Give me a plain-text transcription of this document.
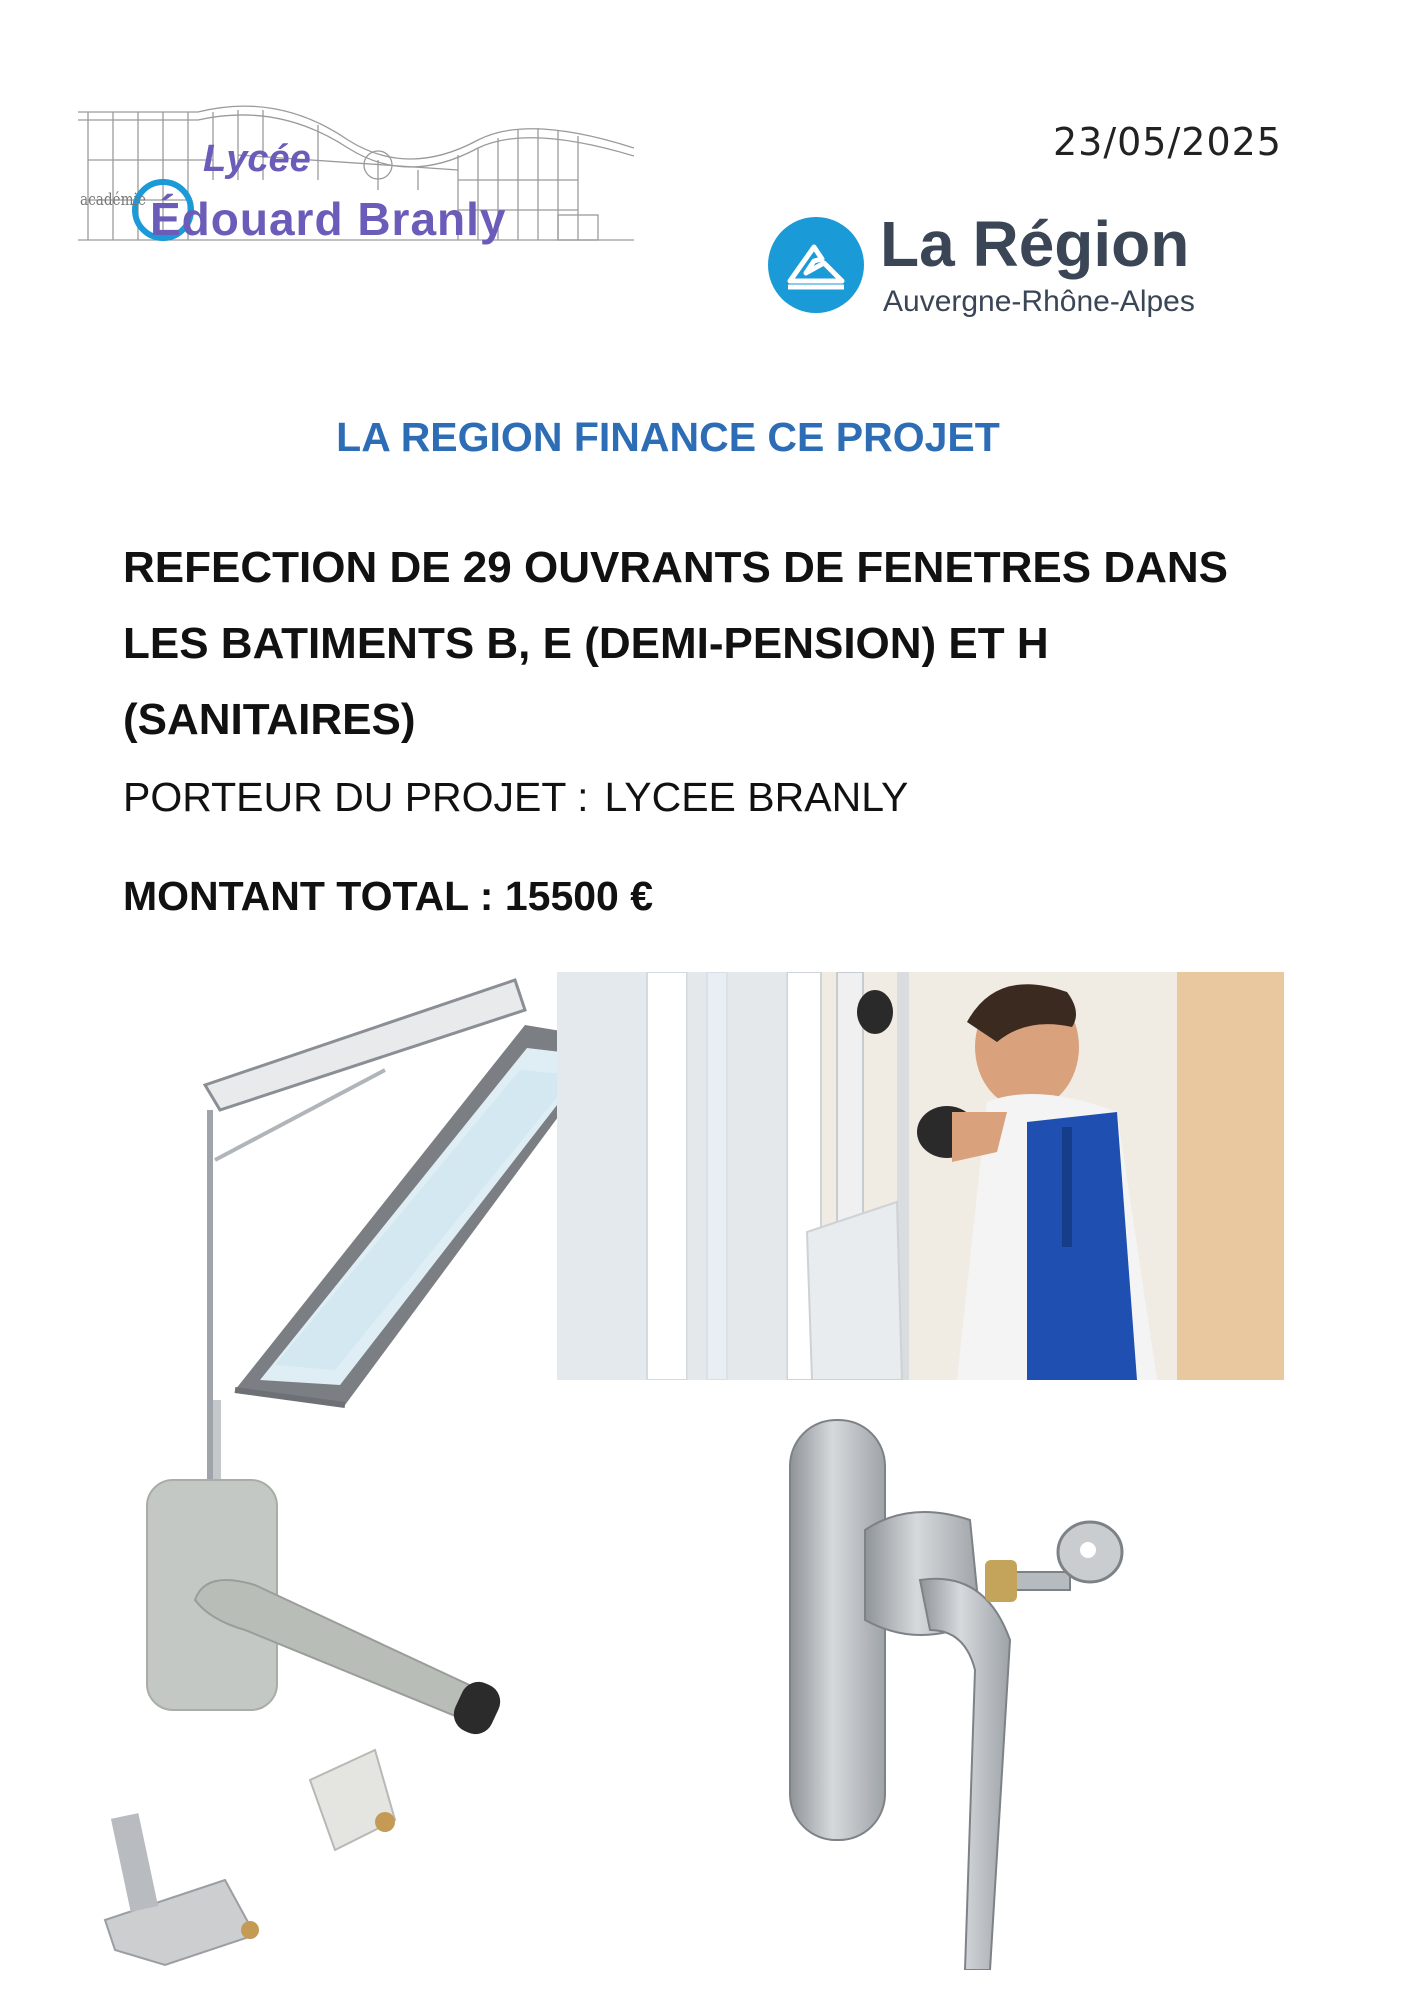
académie
Lycée
Édouard Branly
23/05/2025
La Région
Auvergne-Rhône-Alpes
LA REGION FINANCE CE PROJET
REFECTION DE 29 OUVRANTS DE FENETRES DANS
LES BATIMENTS B, E (DEMI-PENSION) ET H
(SANITAIRES)
PORTEUR DU PROJET : LYCEE BRANLY
MONTANT TOTAL : 15500 €
